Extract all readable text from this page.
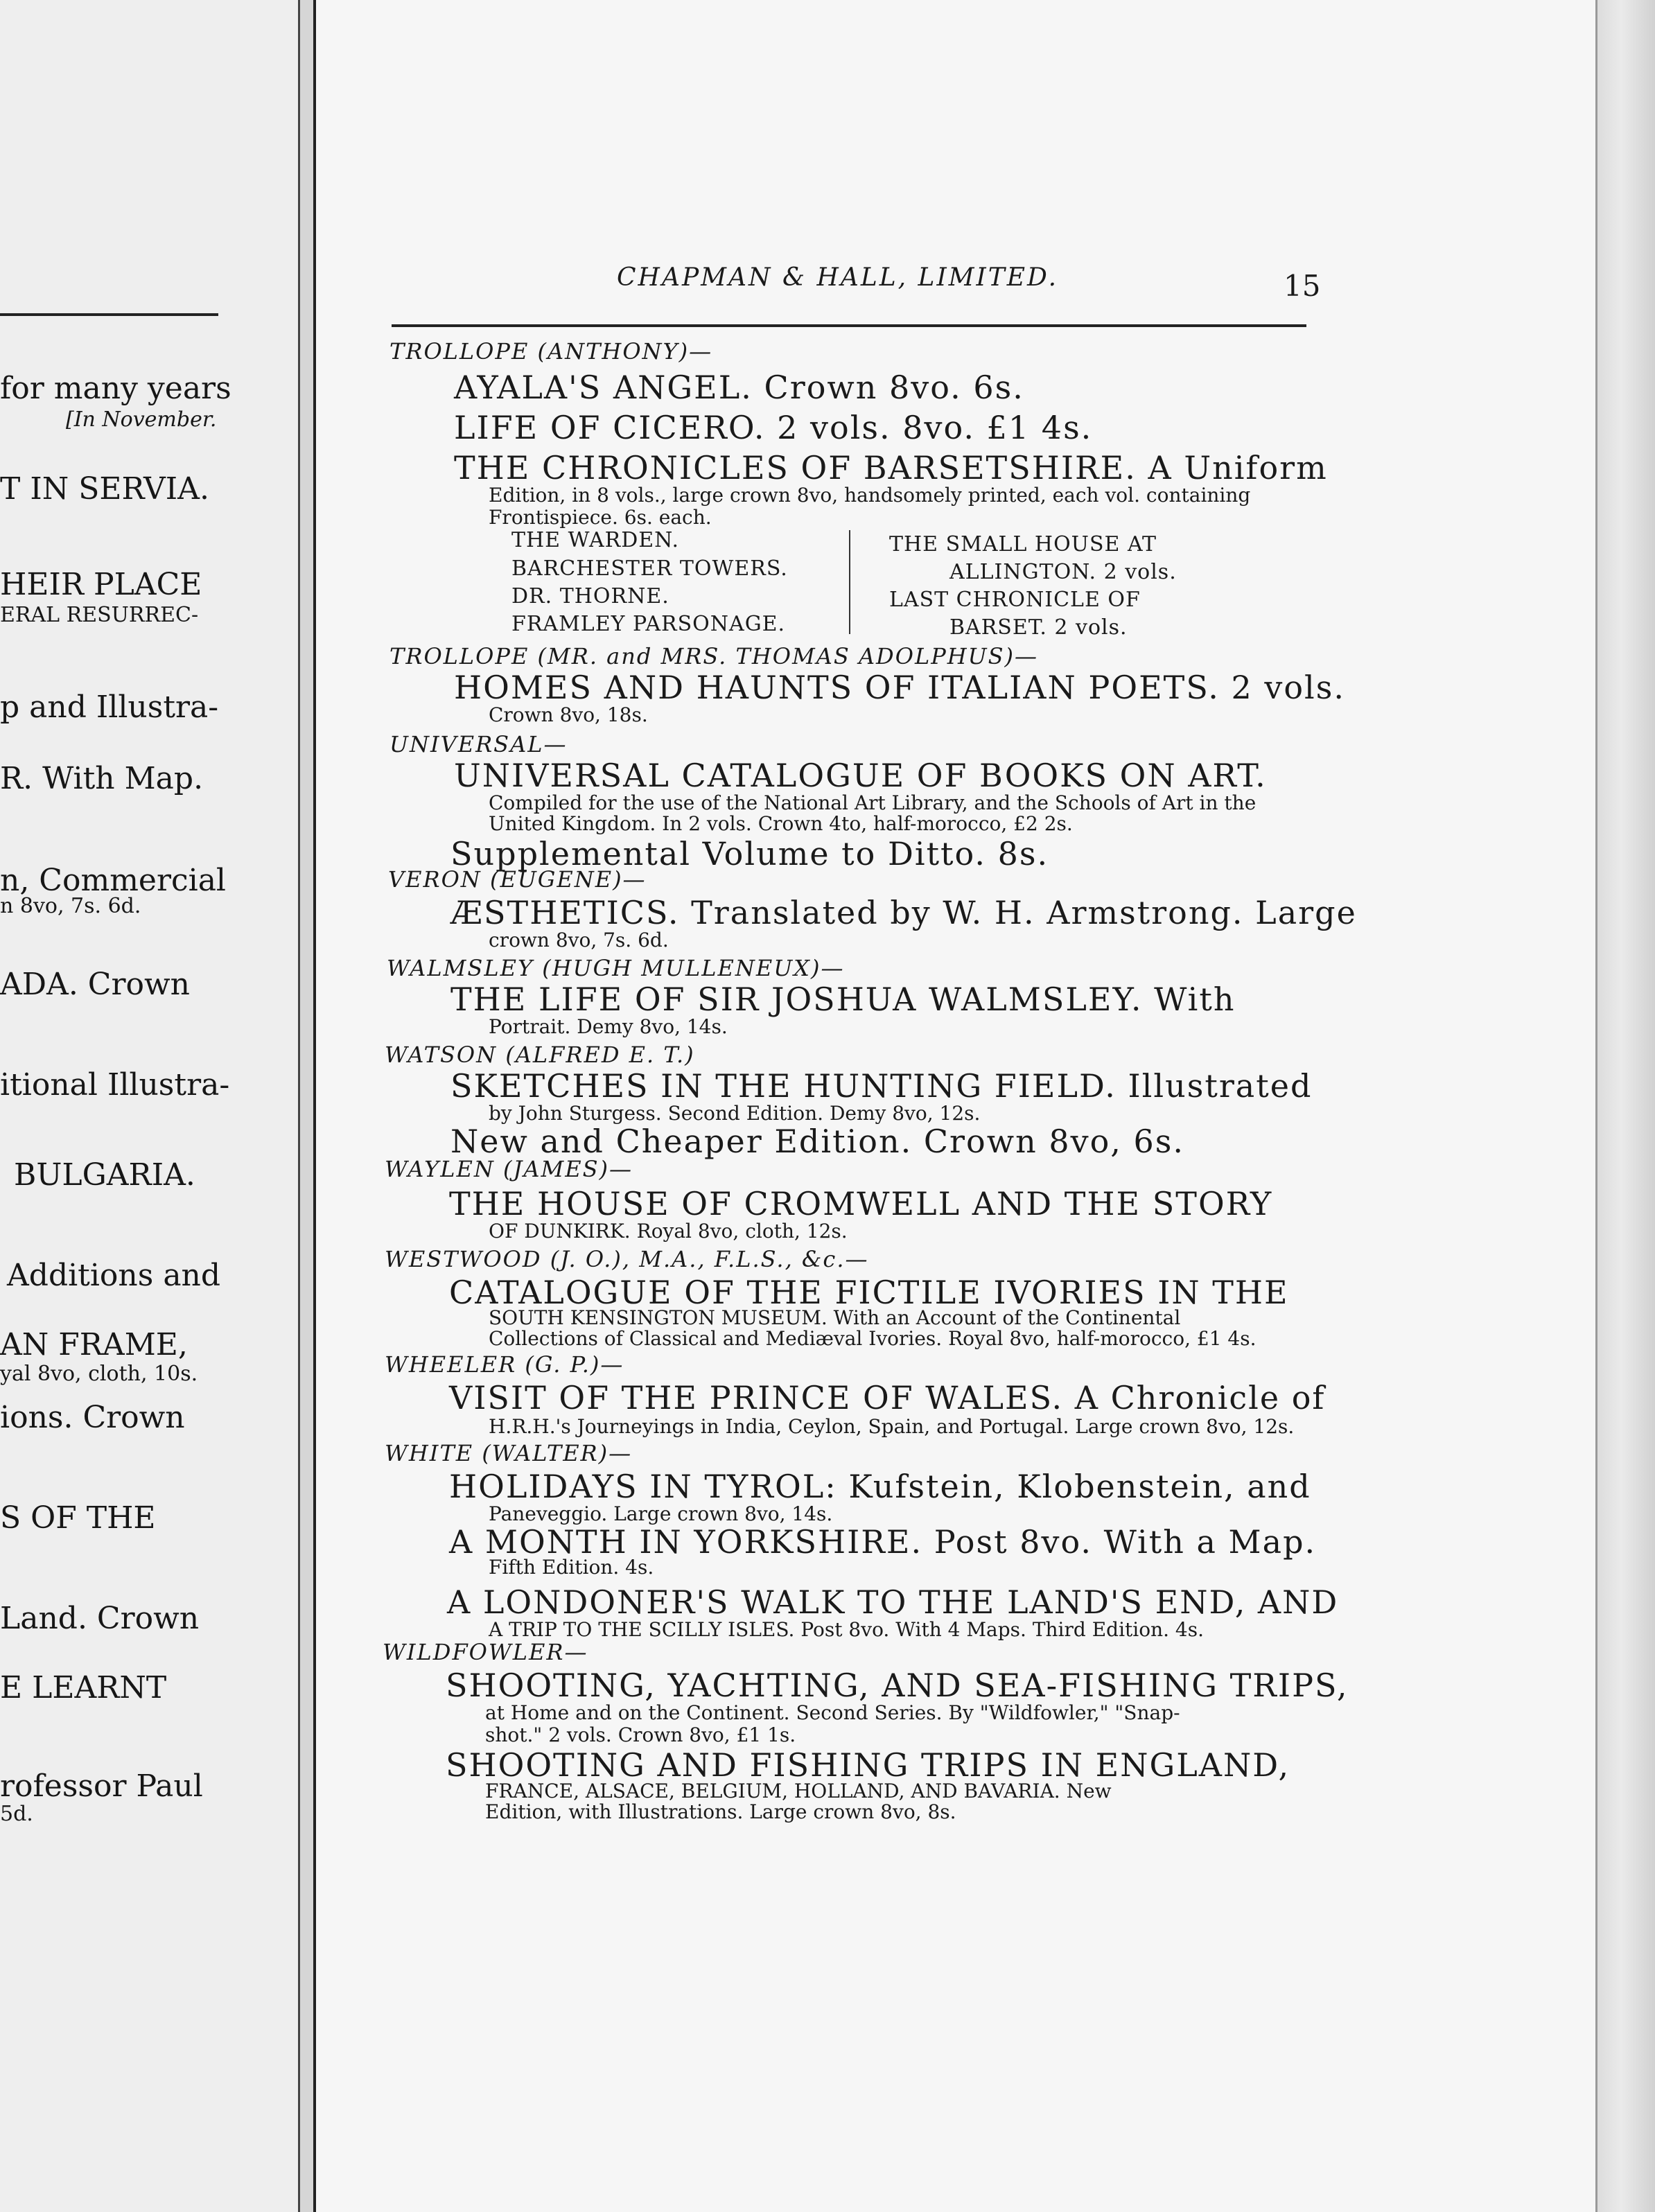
for many years
[In November.
T IN SERVIA.
HEIR PLACE
ERAL RESURREC-
p and Illustra-
R. With Map.
n, Commercial
n 8vo, 7s. 6d.
ADA. Crown
itional Illustra-
BULGARIA.
Additions and
AN FRAME,
yal 8vo, cloth, 10s.
ions. Crown
S OF THE
Land. Crown
E LEARNT
rofessor Paul
5d.
CHAPMAN & HALL, LIMITED.	15
TROLLOPE (ANTHONY)—
AYALA'S ANGEL. Crown 8vo. 6s.
LIFE OF CICERO. 2 vols. 8vo. £1 4s.
THE CHRONICLES OF BARSETSHIRE. A Uniform
Edition, in 8 vols., large crown 8vo, handsomely printed, each vol. containing
Frontispiece. 6s. each.
THE WARDEN.
BARCHESTER TOWERS.
DR. THORNE.
FRAMLEY PARSONAGE.
THE SMALL HOUSE AT
ALLINGTON. 2 vols.
LAST CHRONICLE OF
BARSET. 2 vols.
TROLLOPE (MR. and MRS. THOMAS ADOLPHUS)—
HOMES AND HAUNTS OF ITALIAN POETS. 2 vols.
Crown 8vo, 18s.
UNIVERSAL—
UNIVERSAL CATALOGUE OF BOOKS ON ART.
Compiled for the use of the National Art Library, and the Schools of Art in the
United Kingdom. In 2 vols. Crown 4to, half-morocco, £2 2s.
Supplemental Volume to Ditto. 8s.
VERON (EUGENE)—
ÆSTHETICS. Translated by W. H. Armstrong. Large
crown 8vo, 7s. 6d.
WALMSLEY (HUGH MULLENEUX)—
THE LIFE OF SIR JOSHUA WALMSLEY. With
Portrait. Demy 8vo, 14s.
WATSON (ALFRED E. T.)
SKETCHES IN THE HUNTING FIELD. Illustrated
by John Sturgess. Second Edition. Demy 8vo, 12s.
New and Cheaper Edition. Crown 8vo, 6s.
WAYLEN (JAMES)—
THE HOUSE OF CROMWELL AND THE STORY
OF DUNKIRK. Royal 8vo, cloth, 12s.
WESTWOOD (J. O.), M.A., F.L.S., &c.—
CATALOGUE OF THE FICTILE IVORIES IN THE
SOUTH KENSINGTON MUSEUM. With an Account of the Continental
Collections of Classical and Mediæval Ivories. Royal 8vo, half-morocco, £1 4s.
WHEELER (G. P.)—
VISIT OF THE PRINCE OF WALES. A Chronicle of
H.R.H.'s Journeyings in India, Ceylon, Spain, and Portugal. Large crown 8vo, 12s.
WHITE (WALTER)—
HOLIDAYS IN TYROL: Kufstein, Klobenstein, and
Paneveggio. Large crown 8vo, 14s.
A MONTH IN YORKSHIRE. Post 8vo. With a Map.
Fifth Edition. 4s.
A LONDONER'S WALK TO THE LAND'S END, AND
A TRIP TO THE SCILLY ISLES. Post 8vo. With 4 Maps. Third Edition. 4s.
WILDFOWLER—
SHOOTING, YACHTING, AND SEA-FISHING TRIPS,
at Home and on the Continent. Second Series. By "Wildfowler," "Snap-
shot." 2 vols. Crown 8vo, £1 1s.
SHOOTING AND FISHING TRIPS IN ENGLAND,
FRANCE, ALSACE, BELGIUM, HOLLAND, AND BAVARIA. New
Edition, with Illustrations. Large crown 8vo, 8s.
